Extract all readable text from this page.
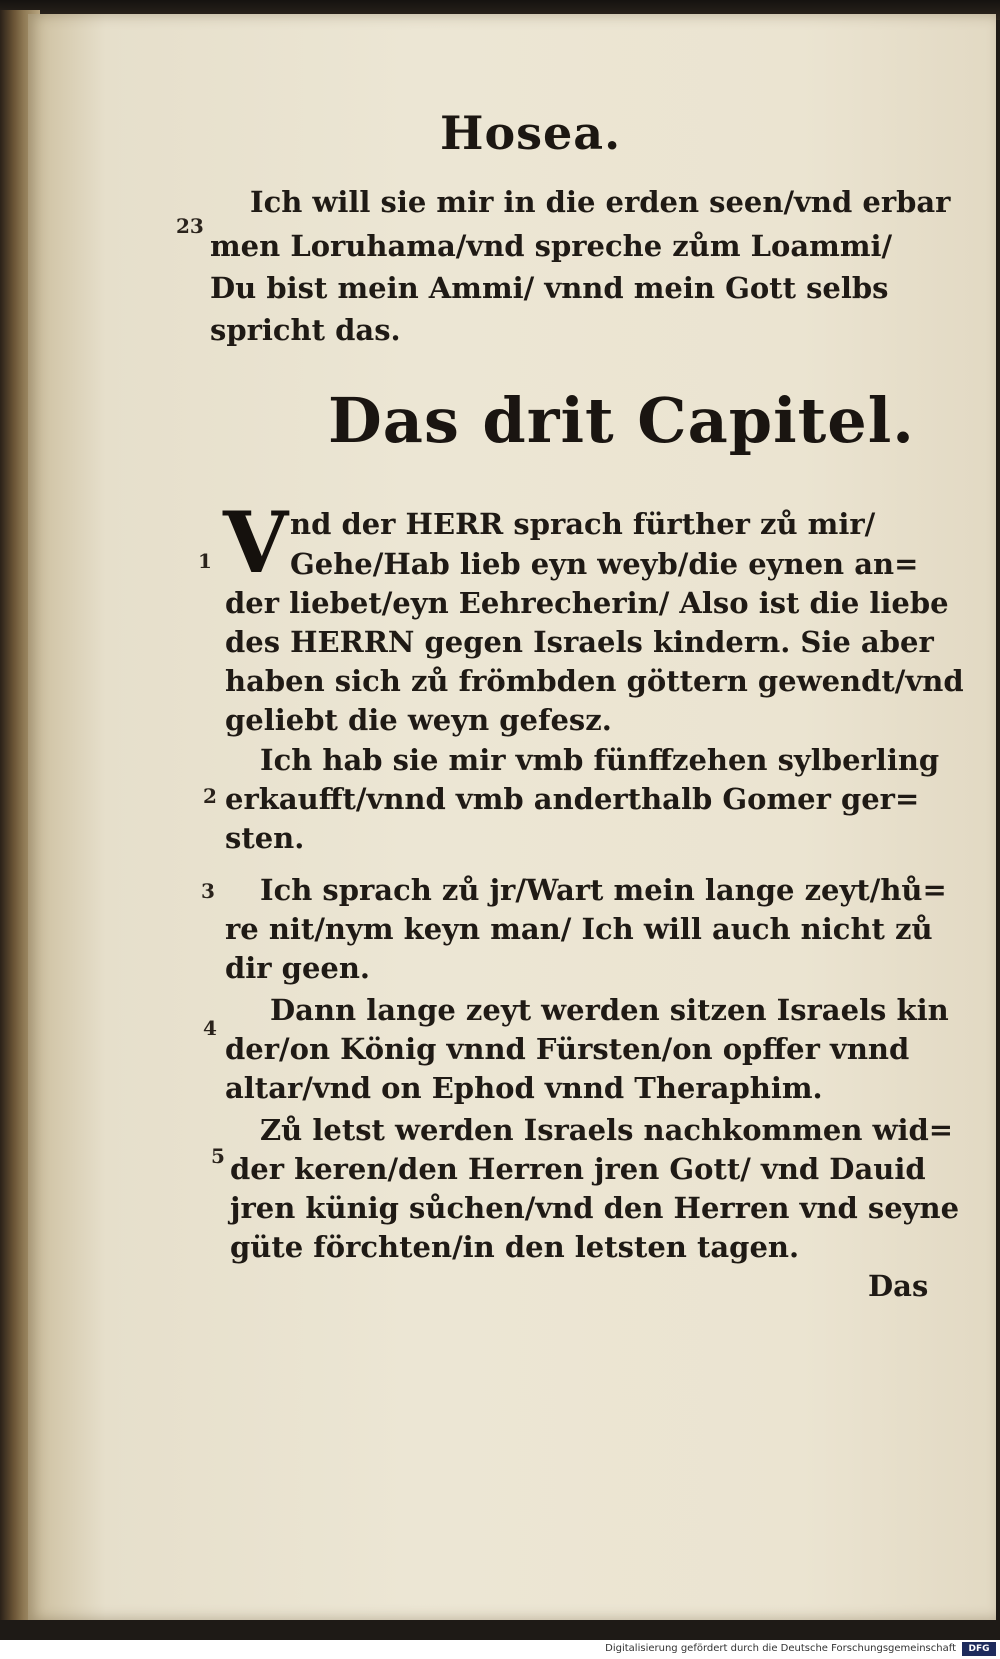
Hosea.

23

Ich will sie mir in die erden seen/vnd erbar

men Loruhama/vnd spreche zům Loammi/

Du bist mein Ammi/ vnnd mein Gott selbs

spricht das.

Das drit Capitel.

V

1

nd der HERR sprach fürther zů mir/

Gehe/Hab lieb eyn weyb/die eynen an=

der liebet/eyn Eehrecherin/ Also ist die liebe

des HERRN gegen Israels kindern. Sie aber

haben sich zů frömbden göttern gewendt/vnd

geliebt die weyn gefesz.

2

Ich hab sie mir vmb fünffzehen sylberling

erkaufft/vnnd vmb anderthalb Gomer ger=

sten.

3 Ich sprach zů jr/Wart mein lange zeyt/hů=

re nit/nym keyn man/ Ich will auch nicht zů

dir geen.

4

Dann lange zeyt werden sitzen Israels kin

der/on König vnnd Fürsten/on opffer vnnd

altar/vnd on Ephod vnnd Theraphim.

5

Zů letst werden Israels nachkommen wid=

der keren/den Herren jren Gott/ vnd Dauid

jren künig sůchen/vnd den Herren vnd seyne

güte förchten/in den letsten tagen.

Das

Digitalisierung gefördert durch die Deutsche Forschungsgemeinschaft	DFG
